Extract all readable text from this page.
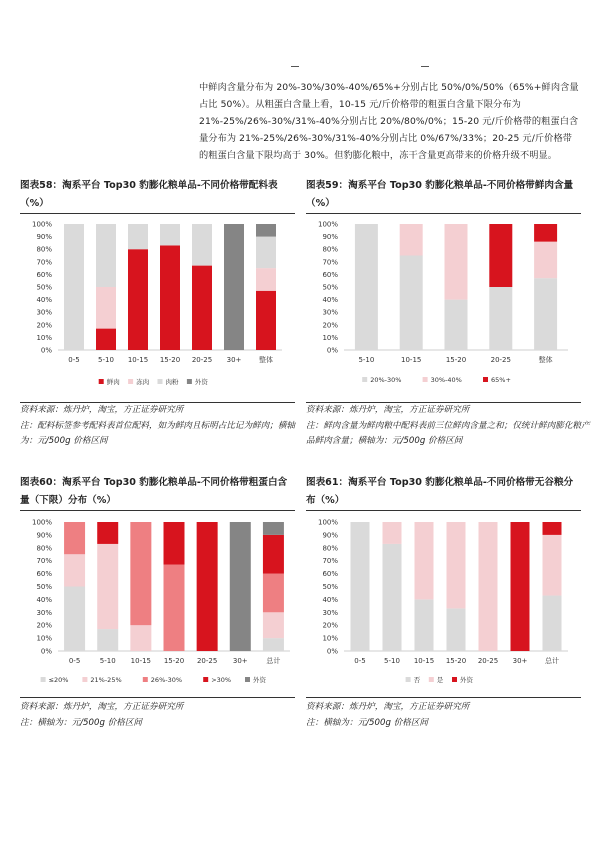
中鲜肉含量分布为 20%-30%/30%-40%/65%+分别占比 50%/0%/50%（65%+鲜肉含量占比 50%）。从粗蛋白含量上看，10-15 元/斤价格带的粗蛋白含量下限分布为 21%-25%/26%-30%/31%-40%分别占比 20%/80%/0%；15-20 元/斤价格带的粗蛋白含量分布为 21%-25%/26%-30%/31%-40%分别占比 0%/67%/33%；20-25 元/斤价格带的粗蛋白含量下限均高于 30%。但豹膨化粮中，冻干含量更高带来的价格升级不明显。

图表58：淘系平台 Top30 豹膨化粮单品-不同价格带配料表（%）
0%
10%
20%
30%
40%
50%
60%
70%
80%
90%
100%
0-5	5-10 10-15 15-20 20-25 30+	整体
鲜肉	冻肉	肉粉	外资
资料来源：炼丹炉，淘宝，方正证券研究所
注：配料标签参考配料表首位配料，如为鲜肉且标明占比记为鲜肉；横轴为：元/500g 价格区间
图表59：淘系平台 Top30 豹膨化粮单品-不同价格带鲜肉含量（%）
0%
10%
20%
30%
40%
50%
60%
70%
80%
90%
100%
5-10	10-15	15-20	20-25	整体
20%-30%	30%-40%	65%+
资料来源：炼丹炉，淘宝，方正证券研究所
注：鲜肉含量为鲜肉粮中配料表前三位鲜肉含量之和；仅统计鲜肉膨化粮产品鲜肉含量；横轴为：元/500g 价格区间
图表60：淘系平台 Top30 豹膨化粮单品-不同价格带粗蛋白含量（下限）分布（%）
0%
10%
20%
30%
40%
50%
60%
70%
80%
90%
100%
0-5	5-10 10-15 15-20 20-25 30+	总计
≤20%	21%-25%	26%-30%	>30%	外资
资料来源：炼丹炉，淘宝，方正证券研究所
注：横轴为：元/500g 价格区间
图表61：淘系平台 Top30 豹膨化粮单品-不同价格带无谷粮分布（%）
0%
10%
20%
30%
40%
50%
60%
70%
80%
90%
100%
0-5	5-10 10-15 15-20 20-25 30+	总计
否	是	外资
资料来源：炼丹炉，淘宝，方正证券研究所
注：横轴为：元/500g 价格区间
